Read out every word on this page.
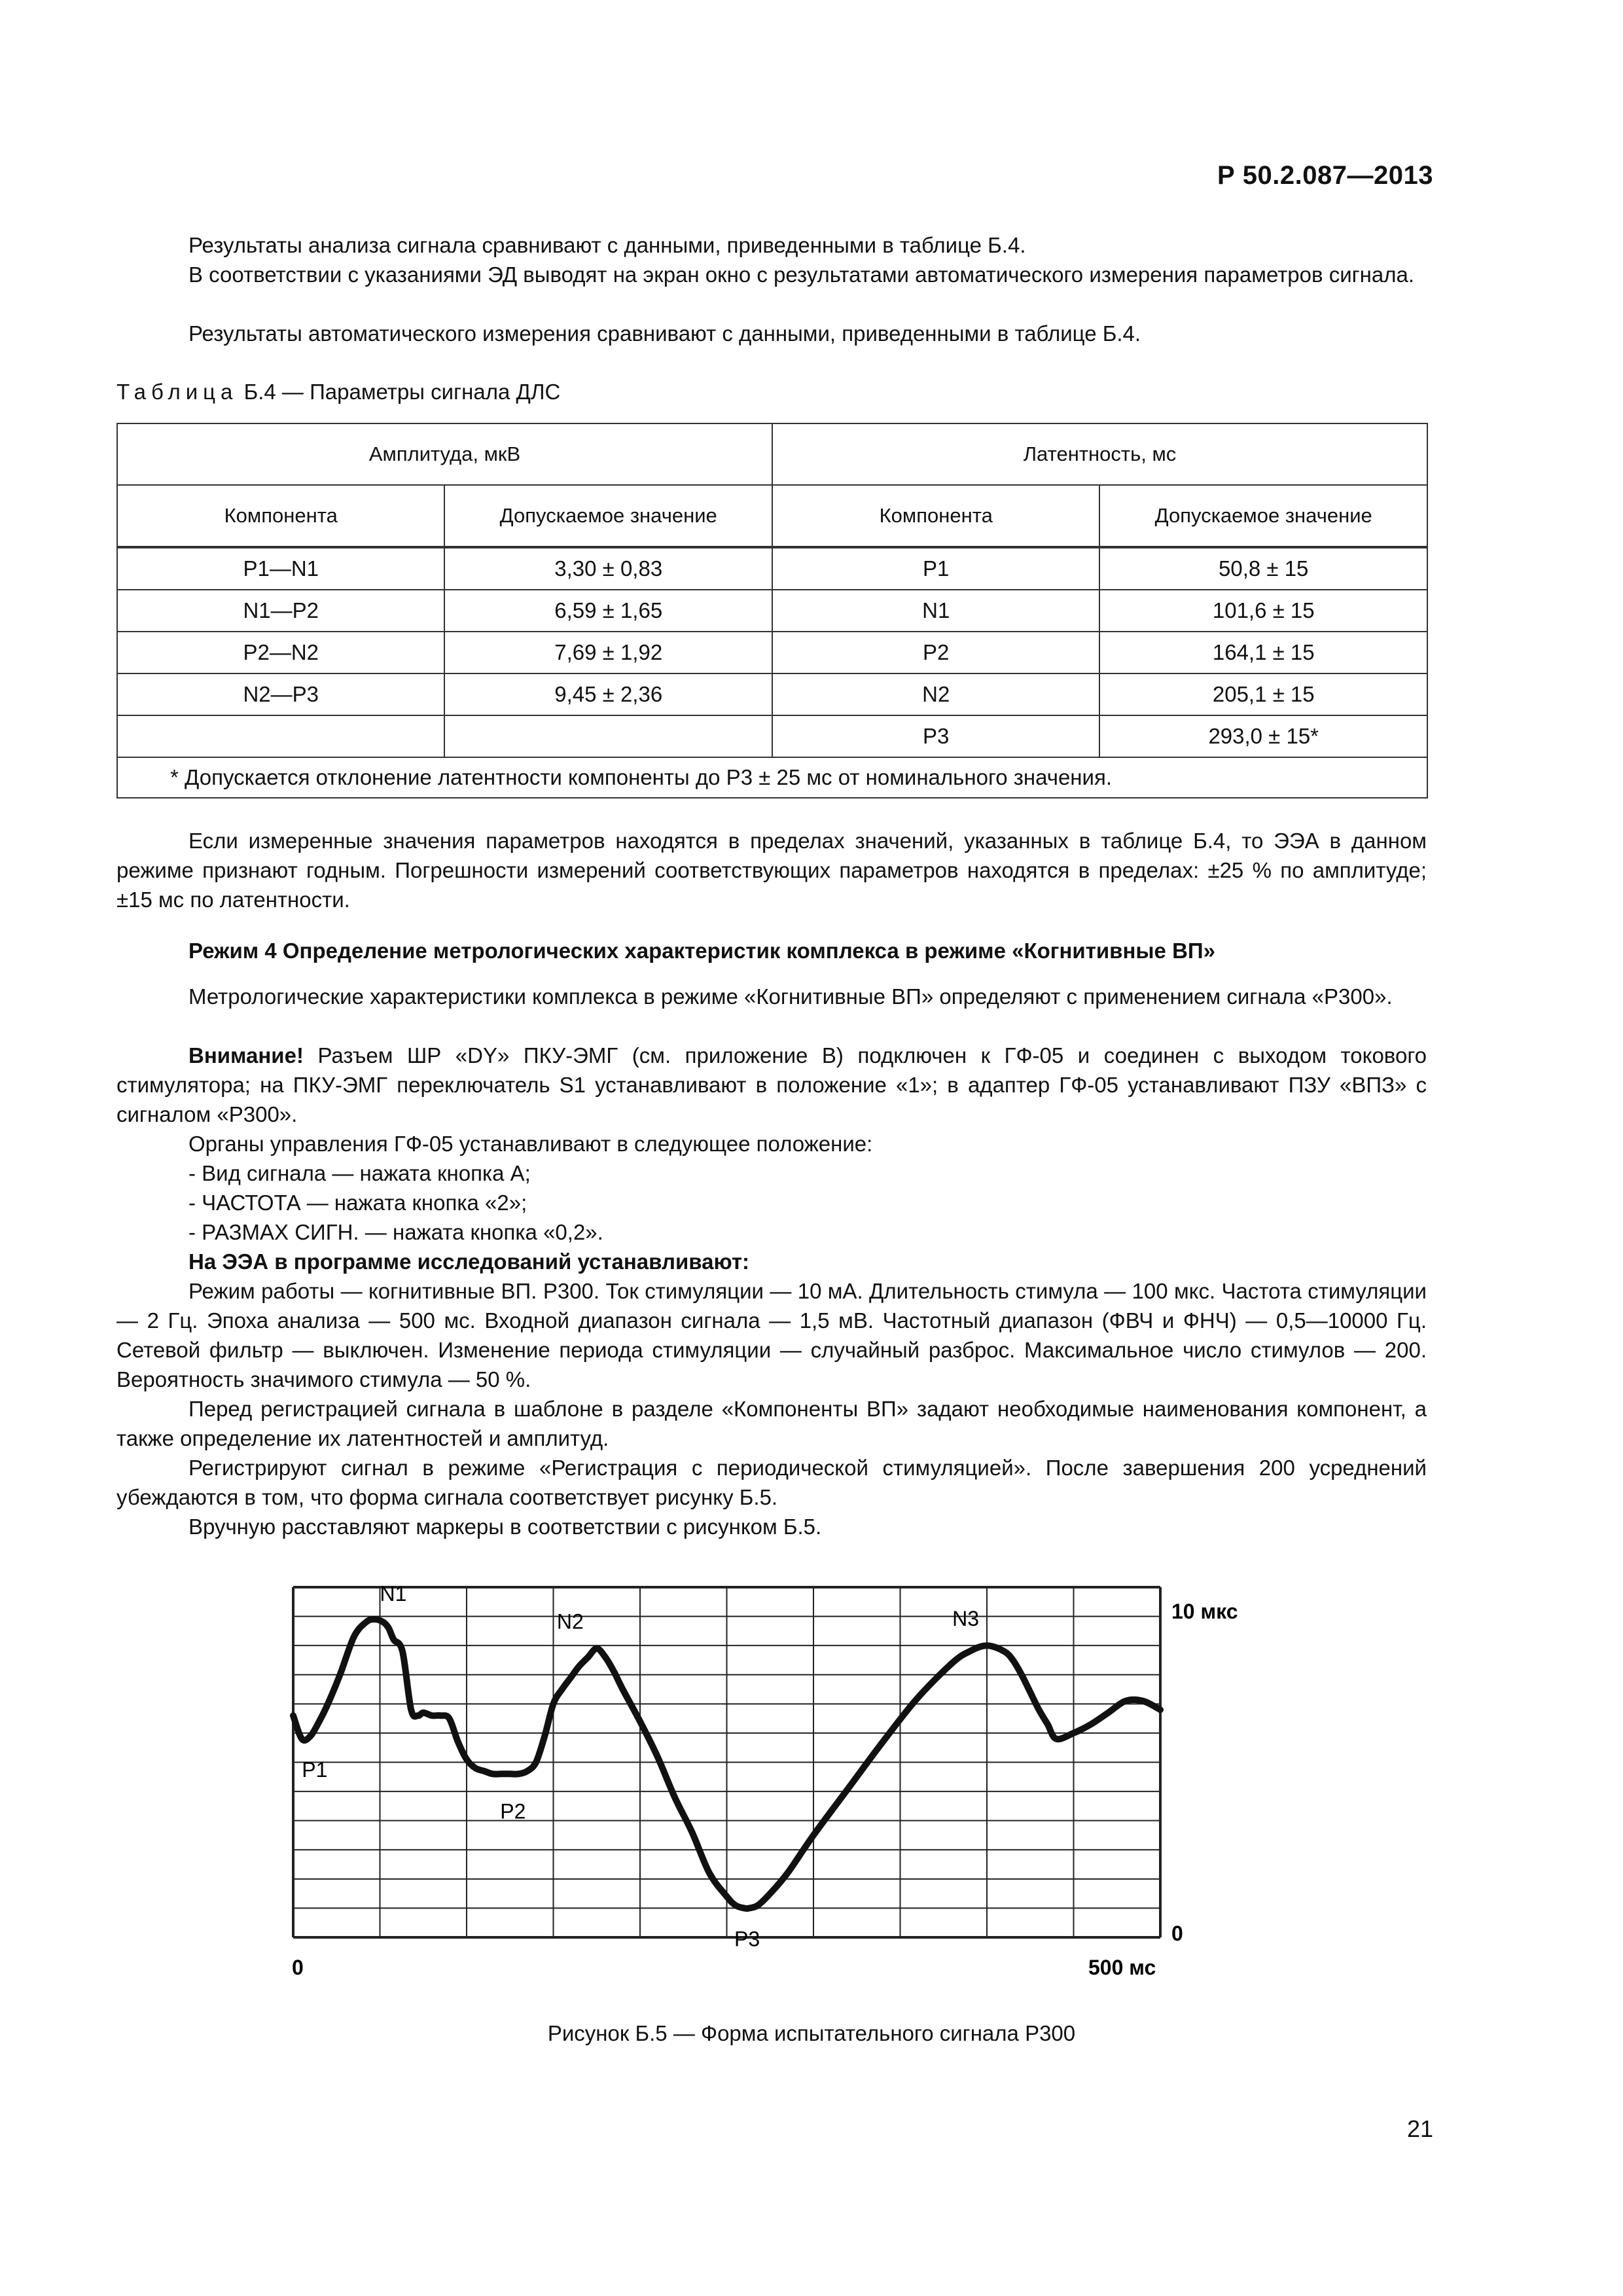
Р 50.2.087—2013

Результаты анализа сигнала сравнивают с данными, приведенными в таблице Б.4.

В соответствии с указаниями ЭД выводят на экран окно с результатами автоматического измерения параметров сигнала.

Результаты автоматического измерения сравнивают с данными, приведенными в таблице Б.4.

Таблица Б.4 — Параметры сигнала ДЛС
Амплитуда, мкВ		Латентность, мс	
Компонента	Допускаемое значение	Компонента	Допускаемое значение
Р1—N1	3,30 ± 0,83	Р1	50,8 ± 15
N1—Р2	6,59 ± 1,65	N1	101,6 ± 15
Р2—N2	7,69 ± 1,92	Р2	164,1 ± 15
N2—Р3	9,45 ± 2,36	N2	205,1 ± 15
		Р3	293,0 ± 15*
* Допускается отклонение латентности компоненты до Р3 ± 25 мс от номинального значения.			

Если измеренные значения параметров находятся в пределах значений, указанных в таблице Б.4, то ЭЭА в данном режиме признают годным. Погрешности измерений соответствующих параметров находятся в пределах: ±25 % по амплитуде; ±15 мс по латентности.

Режим 4 Определение метрологических характеристик комплекса в режиме «Когнитивные ВП»

Метрологические характеристики комплекса в режиме «Когнитивные ВП» определяют с применением сигнала «Р300».

Внимание! Разъем ШР «DY» ПКУ-ЭМГ (см. приложение В) подключен к ГФ-05 и соединен с выходом токового стимулятора; на ПКУ-ЭМГ переключатель S1 устанавливают в положение «1»; в адаптер ГФ-05 устанавливают ПЗУ «ВПЗ» с сигналом «Р300».

Органы управления ГФ-05 устанавливают в следующее положение:

- Вид сигнала — нажата кнопка А;
- ЧАСТОТА — нажата кнопка «2»;
- РАЗМАХ СИГН. — нажата кнопка «0,2».
На ЭЭА в программе исследований устанавливают:

Режим работы — когнитивные ВП. Р300. Ток стимуляции — 10 мА. Длительность стимула — 100 мкс. Частота стимуляции — 2 Гц. Эпоха анализа — 500 мс. Входной диапазон сигнала — 1,5 мВ. Частотный диапазон (ФВЧ и ФНЧ) — 0,5—10000 Гц. Сетевой фильтр — выключен. Изменение периода стимуляции — случайный разброс. Максимальное число стимулов — 200. Вероятность значимого стимула — 50 %.

Перед регистрацией сигнала в шаблоне в разделе «Компоненты ВП» задают необходимые наименования компонент, а также определение их латентностей и амплитуд.

Регистрируют сигнал в режиме «Регистрация с периодической стимуляцией». После завершения 200 усреднений убеждаются в том, что форма сигнала соответствует рисунку Б.5.

Вручную расставляют маркеры в соответствии с рисунком Б.5.

N1
N2	N3
P1
P2
P3
10 мкс
0
0	500 мс
Рисунок Б.5 — Форма испытательного сигнала Р300
21
